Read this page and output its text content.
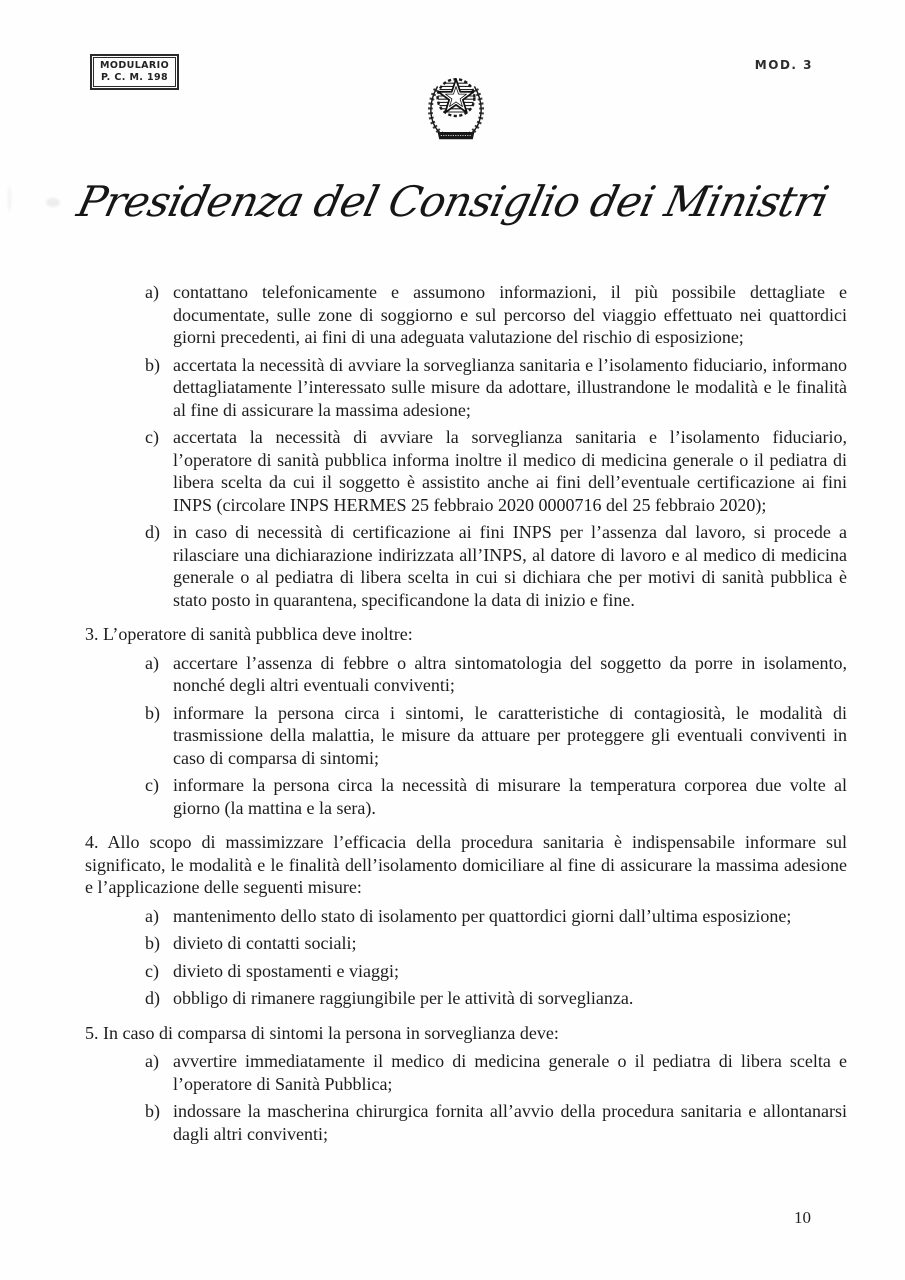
MODULARIO
P. C. M. 198
MOD. 3
Presidenza del Consiglio dei Ministri
a) contattano telefonicamente e assumono informazioni, il più possibile dettagliate e documentate, sulle zone di soggiorno e sul percorso del viaggio effettuato nei quattordici giorni precedenti, ai fini di una adeguata valutazione del rischio di esposizione;
b) accertata la necessità di avviare la sorveglianza sanitaria e l’isolamento fiduciario, informano dettagliatamente l’interessato sulle misure da adottare, illustrandone le modalità e le finalità al fine di assicurare la massima adesione;
c) accertata la necessità di avviare la sorveglianza sanitaria e l’isolamento fiduciario, l’operatore di sanità pubblica informa inoltre il medico di medicina generale o il pediatra di libera scelta da cui il soggetto è assistito anche ai fini dell’eventuale certificazione ai fini INPS (circolare INPS HERMES 25 febbraio 2020 0000716 del 25 febbraio 2020);
d) in caso di necessità di certificazione ai fini INPS per l’assenza dal lavoro, si procede a rilasciare una dichiarazione indirizzata all’INPS, al datore di lavoro e al medico di medicina generale o al pediatra di libera scelta in cui si dichiara che per motivi di sanità pubblica è stato posto in quarantena, specificandone la data di inizio e fine.
3. L’operatore di sanità pubblica deve inoltre:
a) accertare l’assenza di febbre o altra sintomatologia del soggetto da porre in isolamento, nonché degli altri eventuali conviventi;
b) informare la persona circa i sintomi, le caratteristiche di contagiosità, le modalità di trasmissione della malattia, le misure da attuare per proteggere gli eventuali conviventi in caso di comparsa di sintomi;
c) informare la persona circa la necessità di misurare la temperatura corporea due volte al giorno (la mattina e la sera).
4. Allo scopo di massimizzare l’efficacia della procedura sanitaria è indispensabile informare sul significato, le modalità e le finalità dell’isolamento domiciliare al fine di assicurare la massima adesione e l’applicazione delle seguenti misure:
a) mantenimento dello stato di isolamento per quattordici giorni dall’ultima esposizione;
b) divieto di contatti sociali;
c) divieto di spostamenti e viaggi;
d) obbligo di rimanere raggiungibile per le attività di sorveglianza.
5. In caso di comparsa di sintomi la persona in sorveglianza deve:
a) avvertire immediatamente il medico di medicina generale o il pediatra di libera scelta e l’operatore di Sanità Pubblica;
b) indossare la mascherina chirurgica fornita all’avvio della procedura sanitaria e allontanarsi dagli altri conviventi;
10
